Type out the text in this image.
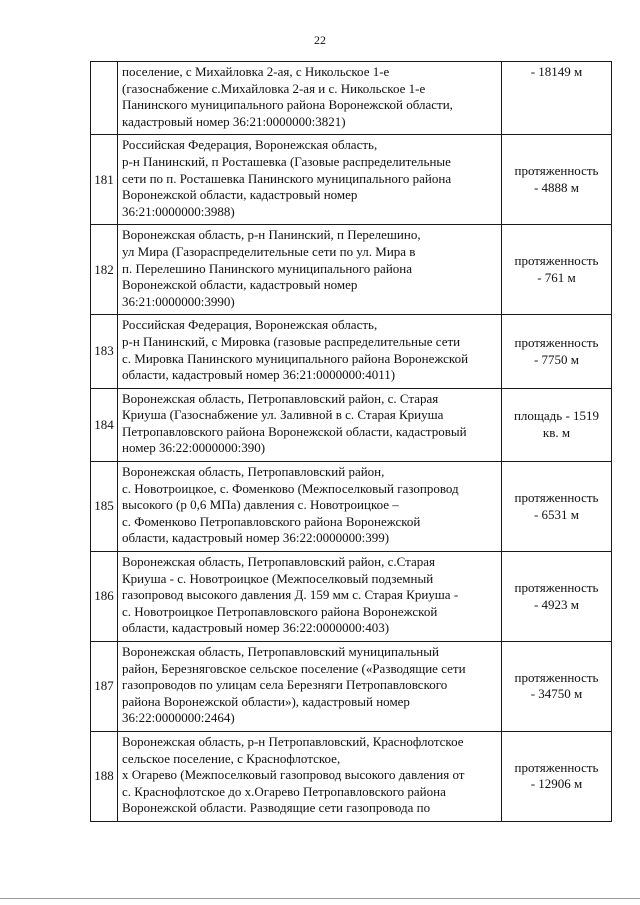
22
	поселение, с Михайловка 2-ая, с Никольское 1-е
(газоснабжение с.Михайловка 2-ая и с. Никольское 1-е
Панинского муниципального района Воронежской области,
кадастровый номер 36:21:0000000:3821)	- 18149 м
181	Российская Федерация, Воронежская область,
р-н Панинский, п Росташевка (Газовые распределительные
сети по п. Росташевка Панинского муниципального района
Воронежской области, кадастровый номер
36:21:0000000:3988)	протяженность
- 4888 м
182	Воронежская область, р-н Панинский, п Перелешино,
ул Мира (Газораспределительные сети по ул. Мира в
п. Перелешино Панинского муниципального района
Воронежской области, кадастровый номер
36:21:0000000:3990)	протяженность
- 761 м
183	Российская Федерация, Воронежская область,
р-н Панинский, с Мировка (газовые распределительные сети
с. Мировка Панинского муниципального района Воронежской
области, кадастровый номер 36:21:0000000:4011)	протяженность
- 7750 м
184	Воронежская область, Петропавловский район, с. Старая
Криуша (Газоснабжение ул. Заливной в с. Старая Криуша
Петропавловского района Воронежской области, кадастровый
номер 36:22:0000000:390)	площадь - 1519
кв. м
185	Воронежская область, Петропавловский район,
с. Новотроицкое, с. Фоменково (Межпоселковый газопровод
высокого (р 0,6 МПа) давления с. Новотроицкое –
с. Фоменково Петропавловского района Воронежской
области, кадастровый номер 36:22:0000000:399)	протяженность
- 6531 м
186	Воронежская область, Петропавловский район, с.Старая
Криуша - с. Новотроицкое (Межпоселковый подземный
газопровод высокого давления Д. 159 мм с. Старая Криуша -
с. Новотроицкое Петропавловского района Воронежской
области, кадастровый номер 36:22:0000000:403)	протяженность
- 4923 м
187	Воронежская область, Петропавловский муниципальный
район, Березняговское сельское поселение («Разводящие сети
газопроводов по улицам села Березняги Петропавловского
района Воронежской области»), кадастровый номер
36:22:0000000:2464)	протяженность
- 34750 м
188	Воронежская область, р-н Петропавловский, Краснофлотское
сельское поселение, с Краснофлотское,
х Огарево (Межпоселковый газопровод высокого давления от
с. Краснофлотское до х.Огарево Петропавловского района
Воронежской области. Разводящие сети газопровода по	протяженность
- 12906 м
